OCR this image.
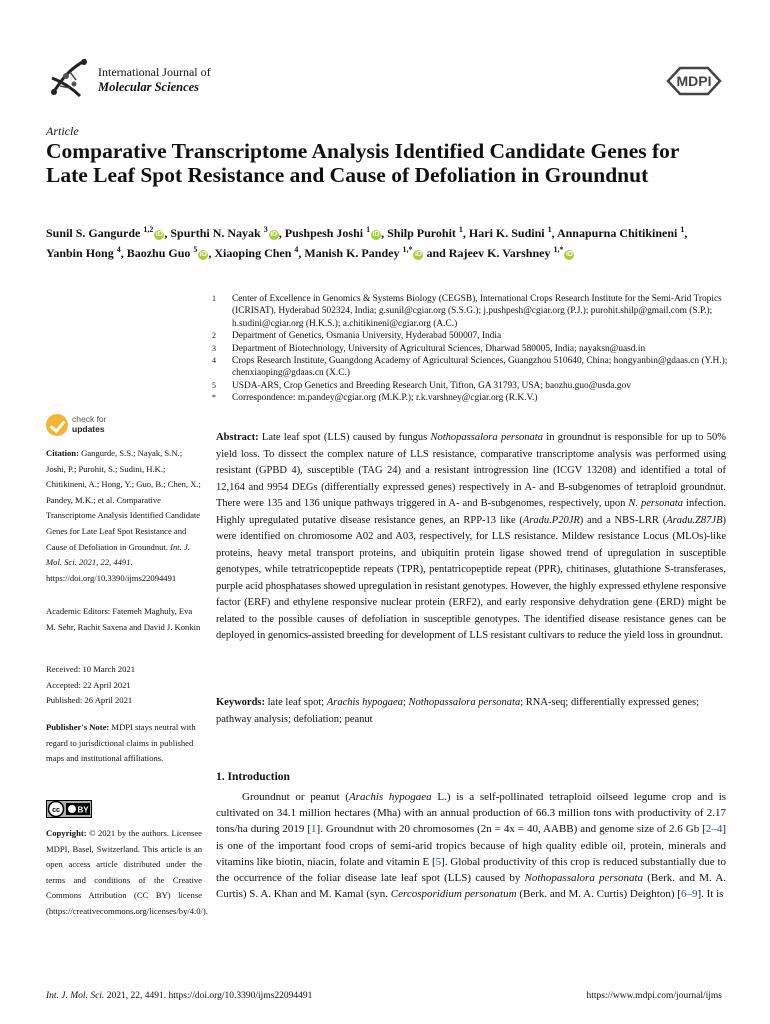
International Journal of
Molecular Sciences	MDPI
Article
Comparative Transcriptome Analysis Identified Candidate Genes for Late Leaf Spot Resistance and Cause of Defoliation in Groundnut
Sunil S. Gangurde $^{1,2}$iD , Spurthi N. Nayak $^3$iD , Pushpesh Joshi $^1$iD , Shilp Purohit $^1$, Hari K. Sudini $^1$, Annapurna Chitikineni $^1$, Yanbin Hong $^4$, Baozhu Guo $^5$iD , Xiaoping Chen $^4$, Manish K. Pandey $^{1,*}$iD and Rajeev K. Varshney $^{1,*}$iD
1	Center of Excellence in Genomics & Systems Biology (CEGSB), International Crops Research Institute for the Semi-Arid Tropics (ICRISAT), Hyderabad 502324, India; g.sunil@cgiar.org (S.S.G.); j.pushpesh@cgiar.org (P.J.); purohit.shilp@gmail.com (S.P.); h.sudini@cgiar.org (H.K.S.); a.chitikineni@cgiar.org (A.C.)
2	Department of Genetics, Osmania University, Hyderabad 500007, India
3	Department of Biotechnology, University of Agricultural Sciences, Dharwad 580005, India; nayaksn@uasd.in
4	Crops Research Institute, Guangdong Academy of Agricultural Sciences, Guangzhou 510640, China; hongyanbin@gdaas.cn (Y.H.); chenxiaoping@gdaas.cn (X.C.)
5	USDA-ARS, Crop Genetics and Breeding Research Unit, Tifton, GA 31793, USA; baozhu.guo@usda.gov
*	Correspondence: m.pandey@cgiar.org (M.K.P.); r.k.varshney@cgiar.org (R.K.V.)
check for
updates
Citation: Gangurde, S.S.; Nayak, S.N.; Joshi, P.; Purohit, S.; Sudini, H.K.; Chitikineni, A.; Hong, Y.; Guo, B.; Chen, X.; Pandey, M.K.; et al. Comparative Transcriptome Analysis Identified Candidate Genes for Late Leaf Spot Resistance and Cause of Defoliation in Groundnut. Int. J. Mol. Sci. 2021, 22, 4491. https://doi.org/10.3390/ijms22094491
Academic Editors: Fatemeh Maghuly, Eva M. Sehr, Rachit Saxena and David J. Konkin
Received: 10 March 2021
Accepted: 22 April 2021
Published: 26 April 2021
Publisher's Note: MDPI stays neutral with regard to jurisdictional claims in published maps and institutional affiliations.
cc BY
Copyright: © 2021 by the authors. Licensee MDPI, Basel, Switzerland. This article is an open access article distributed under the terms and conditions of the Creative Commons Attribution (CC BY) license (https://creativecommons.org/licenses/by/4.0/).
Abstract: Late leaf spot (LLS) caused by fungus Nothopassalora personata in groundnut is responsible for up to 50% yield loss. To dissect the complex nature of LLS resistance, comparative transcriptome analysis was performed using resistant (GPBD 4), susceptible (TAG 24) and a resistant introgression line (ICGV 13208) and identified a total of 12,164 and 9954 DEGs (differentially expressed genes) respectively in A- and B-subgenomes of tetraploid groundnut. There were 135 and 136 unique pathways triggered in A- and B-subgenomes, respectively, upon N. personata infection. Highly upregulated putative disease resistance genes, an RPP-13 like (Aradu.P20JR) and a NBS-LRR (Aradu.Z87JB) were identified on chromosome A02 and A03, respectively, for LLS resistance. Mildew resistance Locus (MLOs)-like proteins, heavy metal transport proteins, and ubiquitin protein ligase showed trend of upregulation in susceptible genotypes, while tetratricopeptide repeats (TPR), pentatricopeptide repeat (PPR), chitinases, glutathione S-transferases, purple acid phosphatases showed upregulation in resistant genotypes. However, the highly expressed ethylene responsive factor (ERF) and ethylene responsive nuclear protein (ERF2), and early responsive dehydration gene (ERD) might be related to the possible causes of defoliation in susceptible genotypes. The identified disease resistance genes can be deployed in genomics-assisted breeding for development of LLS resistant cultivars to reduce the yield loss in groundnut.
Keywords: late leaf spot; Arachis hypogaea; Nothopassalora personata; RNA-seq; differentially expressed genes; pathway analysis; defoliation; peanut
1. Introduction
Groundnut or peanut (Arachis hypogaea L.) is a self-pollinated tetraploid oilseed legume crop and is cultivated on 34.1 million hectares (Mha) with an annual production of 66.3 million tons with productivity of 2.17 tons/ha during 2019 [1]. Groundnut with 20 chromosomes (2n = 4x = 40, AABB) and genome size of 2.6 Gb [2–4] is one of the important food crops of semi-arid tropics because of high quality edible oil, protein, minerals and vitamins like biotin, niacin, folate and vitamin E [5]. Global productivity of this crop is reduced substantially due to the occurrence of the foliar disease late leaf spot (LLS) caused by Nothopassalora personata (Berk. and M. A. Curtis) S. A. Khan and M. Kamal (syn. Cercosporidium personatum (Berk. and M. A. Curtis) Deighton) [6–9]. It is
Int. J. Mol. Sci. 2021, 22, 4491. https://doi.org/10.3390/ijms22094491	https://www.mdpi.com/journal/ijms
